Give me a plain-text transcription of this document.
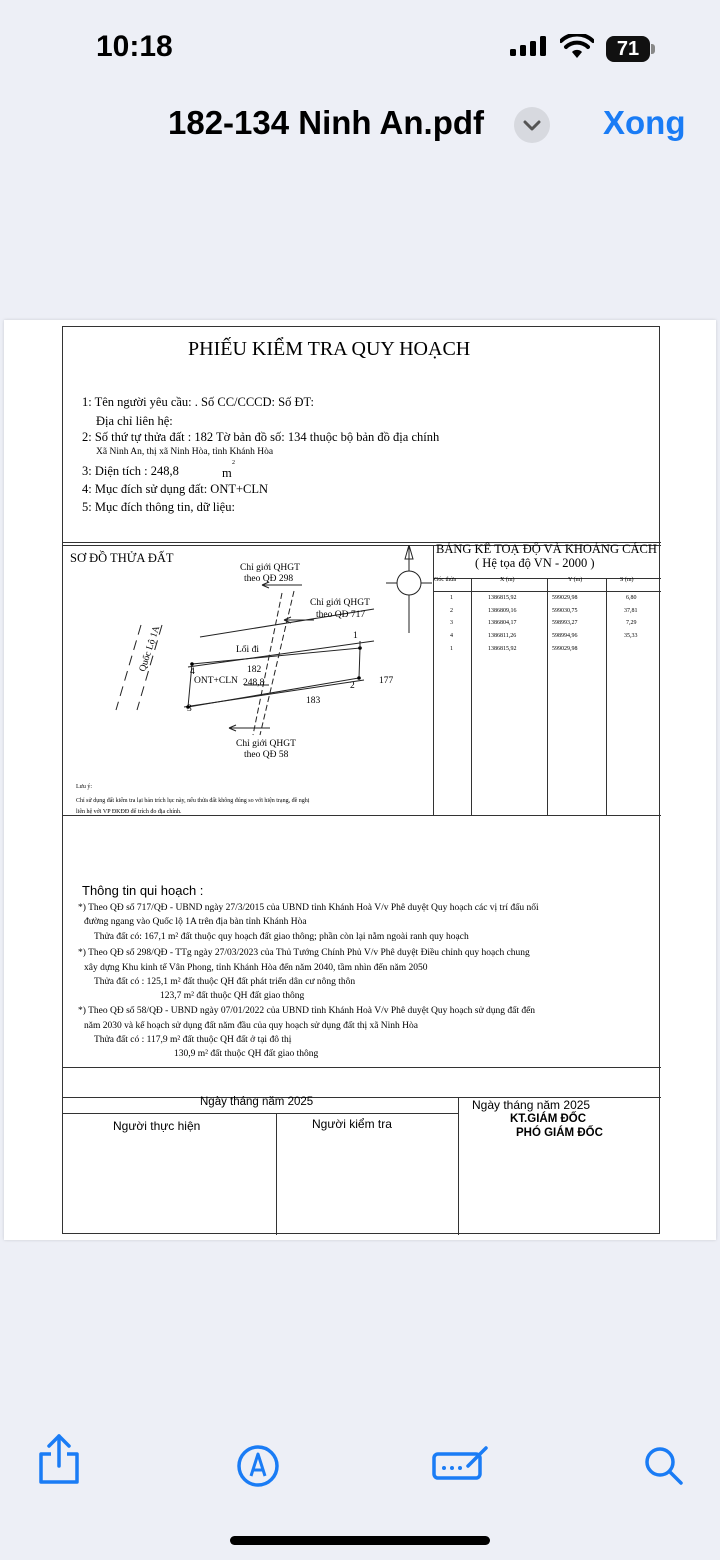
10:18	71
182-134 Ninh An.pdf	Xong
PHIẾU KIỂM TRA QUY HOẠCH
1: Tên người yêu cầu: . Số CC/CCCD: Số ĐT:
Địa chỉ liên hệ:
2: Số thứ tự thửa đất : 182 Tờ bản đồ số: 134 thuộc bộ bản đồ địa chính
Xã Ninh An, thị xã Ninh Hòa, tỉnh Khánh Hòa
3: Diện tích : 248,8	m
2
4: Mục đích sử dụng đất: ONT+CLN
5: Mục đích thông tin, dữ liệu:
SƠ ĐỒ THỬA ĐẤT
Chỉ giới QHGT
theo QĐ 298
Chỉ giới QHGT
theo QĐ 717
Lối đi
1
4
2
3
182
ONT+CLN 248,8	177
183
Quốc Lộ 1A
Chỉ giới QHGT
theo QĐ 58
Lưu ý:
Chỉ sử dụng đất kiểm tra lại bản trích lục này, nếu thửa đất không đúng so với hiện trạng, đề nghị
liên hệ với VP ĐKĐĐ để trích đo địa chính.
BẢNG KÊ TOẠ ĐỘ VÀ KHOẢNG CÁCH
( Hệ tọa độ VN - 2000 )
Góc thửa	X (m)	Y (m)	S (m)
1	1386815,92	599029,98	6,80
2	1386809,16	599030,75	37,81
3	1386804,17	598993,27	7,29
4	1386811,26	598994,96	35,33
1	1386815,92	599029,98
Thông tin qui hoạch :
*) Theo QĐ số 717/QĐ - UBND ngày 27/3/2015 của UBND tỉnh Khánh Hoà V/v Phê duyệt Quy hoạch các vị trí đấu nối
đường ngang vào Quốc lộ 1A trên địa bàn tỉnh Khánh Hòa
Thửa đất có: 167,1 m² đất thuộc quy hoạch đất giao thông; phần còn lại nằm ngoài ranh quy hoạch
*) Theo QĐ số 298/QĐ - TTg ngày 27/03/2023 của Thủ Tướng Chính Phủ V/v Phê duyệt Điều chỉnh quy hoạch chung
xây dựng Khu kinh tế Vân Phong, tỉnh Khánh Hòa đến năm 2040, tầm nhìn đến năm 2050
Thửa đất có : 125,1 m² đất thuộc QH đất phát triển dân cư nông thôn
123,7 m² đất thuộc QH đất giao thông
*) Theo QĐ số 58/QĐ - UBND ngày 07/01/2022 của UBND tỉnh Khánh Hoà V/v Phê duyệt Quy hoạch sử dụng đất đến
năm 2030 và kế hoạch sử dụng đất năm đầu của quy hoạch sử dụng đất thị xã Ninh Hòa
Thửa đất có : 117,9 m² đất thuộc QH đất ở tại đô thị
130,9 m² đất thuộc QH đất giao thông
Ngày tháng năm 2025	Ngày tháng năm 2025
Người thực hiện	Người kiểm tra	KT.GIÁM ĐỐC
PHÓ GIÁM ĐỐC
